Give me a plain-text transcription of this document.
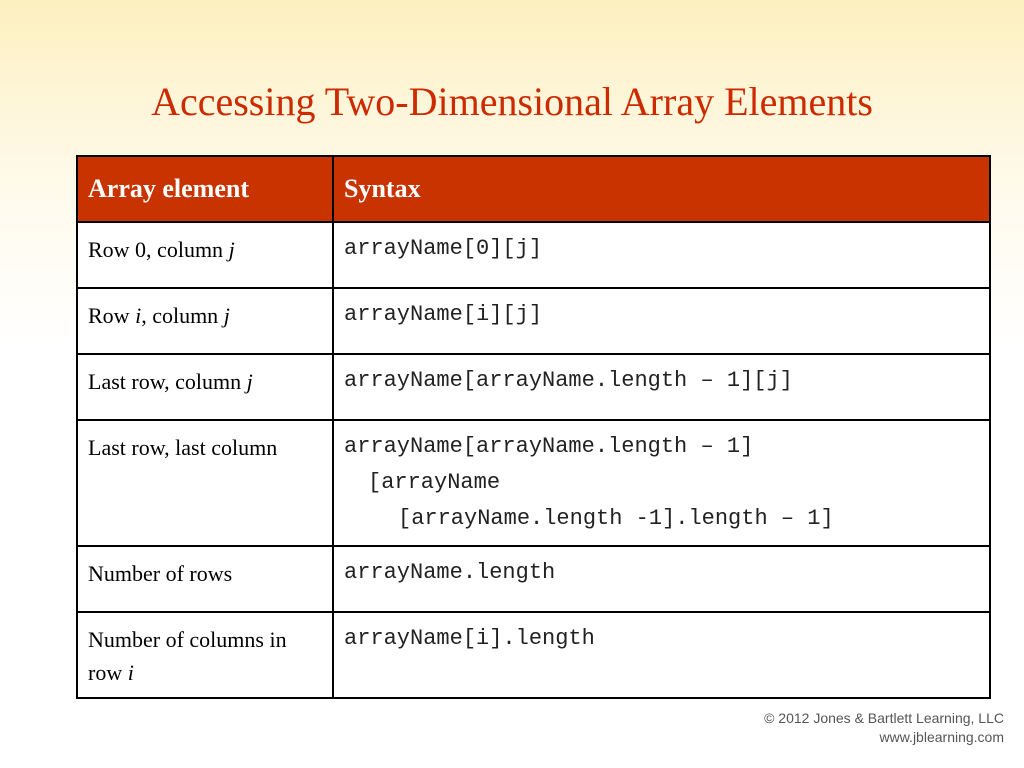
Accessing Two-Dimensional Array Elements
Array element	Syntax
Row 0, column j	arrayName[0][j]

Row i, column j	arrayName[i][j]

Last row, column j	arrayName[arrayName.length – 1][j]

Last row, last column	arrayName[arrayName.length – 1]
[arrayName
[arrayName.length -1].length – 1]

Number of rows	arrayName.length

Number of columns in row i	arrayName[i].length
© 2012 Jones & Bartlett Learning, LLC
www.jblearning.com
